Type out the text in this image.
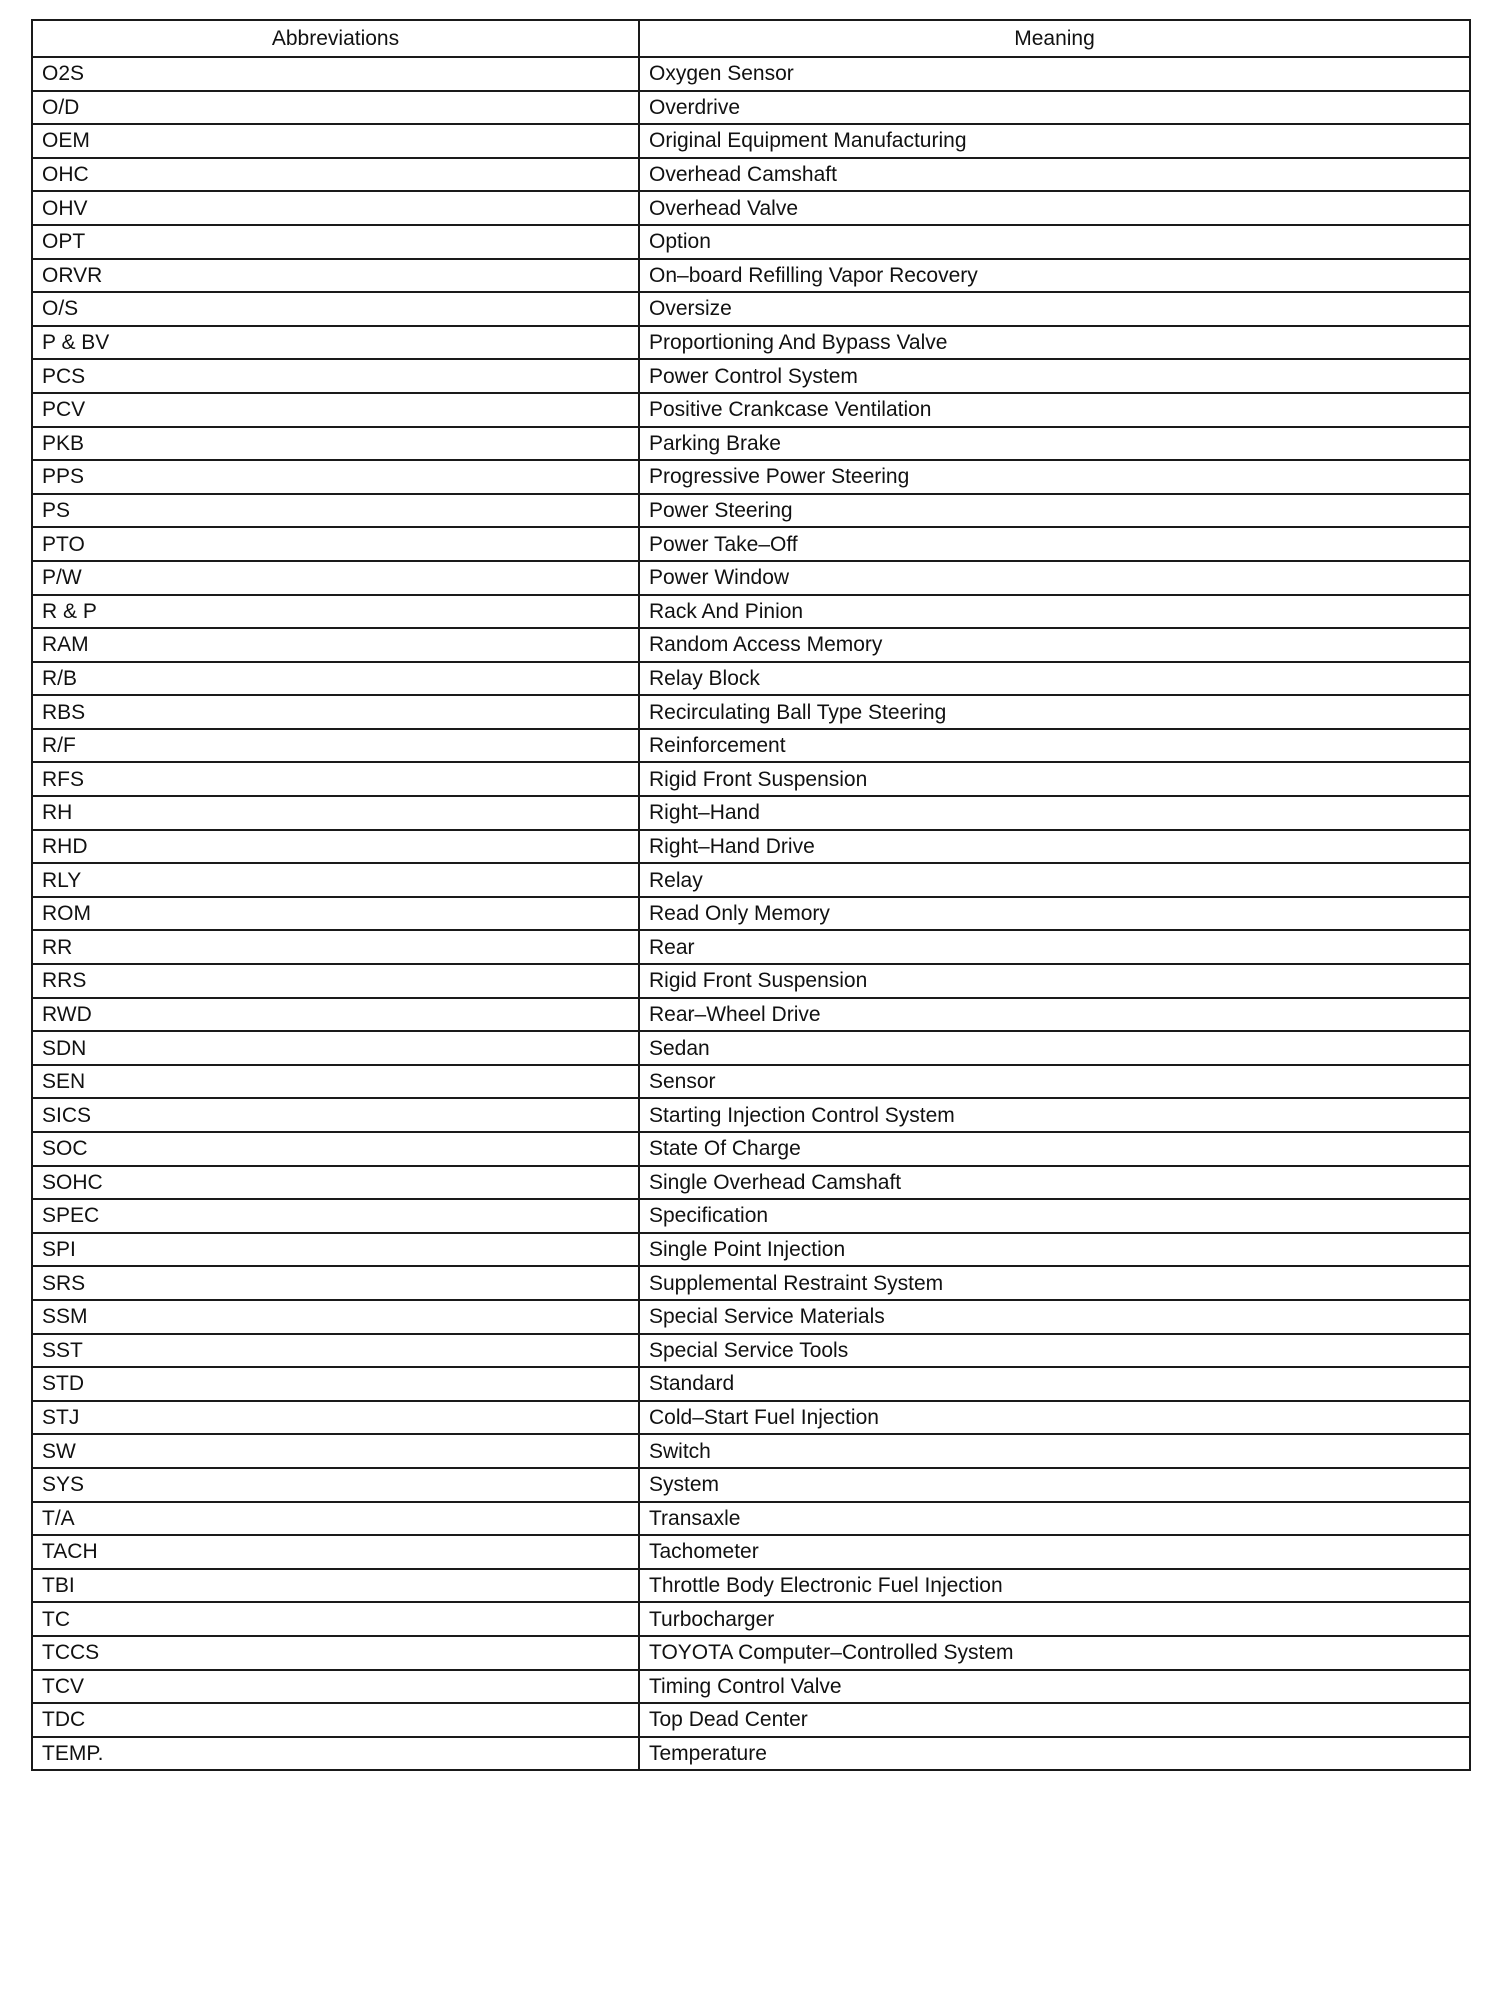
Abbreviations	Meaning
O2S	Oxygen Sensor
O/D	Overdrive
OEM	Original Equipment Manufacturing
OHC	Overhead Camshaft
OHV	Overhead Valve
OPT	Option
ORVR	On–board Refilling Vapor Recovery
O/S	Oversize
P & BV	Proportioning And Bypass Valve
PCS	Power Control System
PCV	Positive Crankcase Ventilation
PKB	Parking Brake
PPS	Progressive Power Steering
PS	Power Steering
PTO	Power Take–Off
P/W	Power Window
R & P	Rack And Pinion
RAM	Random Access Memory
R/B	Relay Block
RBS	Recirculating Ball Type Steering
R/F	Reinforcement
RFS	Rigid Front Suspension
RH	Right–Hand
RHD	Right–Hand Drive
RLY	Relay
ROM	Read Only Memory
RR	Rear
RRS	Rigid Front Suspension
RWD	Rear–Wheel Drive
SDN	Sedan
SEN	Sensor
SICS	Starting Injection Control System
SOC	State Of Charge
SOHC	Single Overhead Camshaft
SPEC	Specification
SPI	Single Point Injection
SRS	Supplemental Restraint System
SSM	Special Service Materials
SST	Special Service Tools
STD	Standard
STJ	Cold–Start Fuel Injection
SW	Switch
SYS	System
T/A	Transaxle
TACH	Tachometer
TBI	Throttle Body Electronic Fuel Injection
TC	Turbocharger
TCCS	TOYOTA Computer–Controlled System
TCV	Timing Control Valve
TDC	Top Dead Center
TEMP.	Temperature
